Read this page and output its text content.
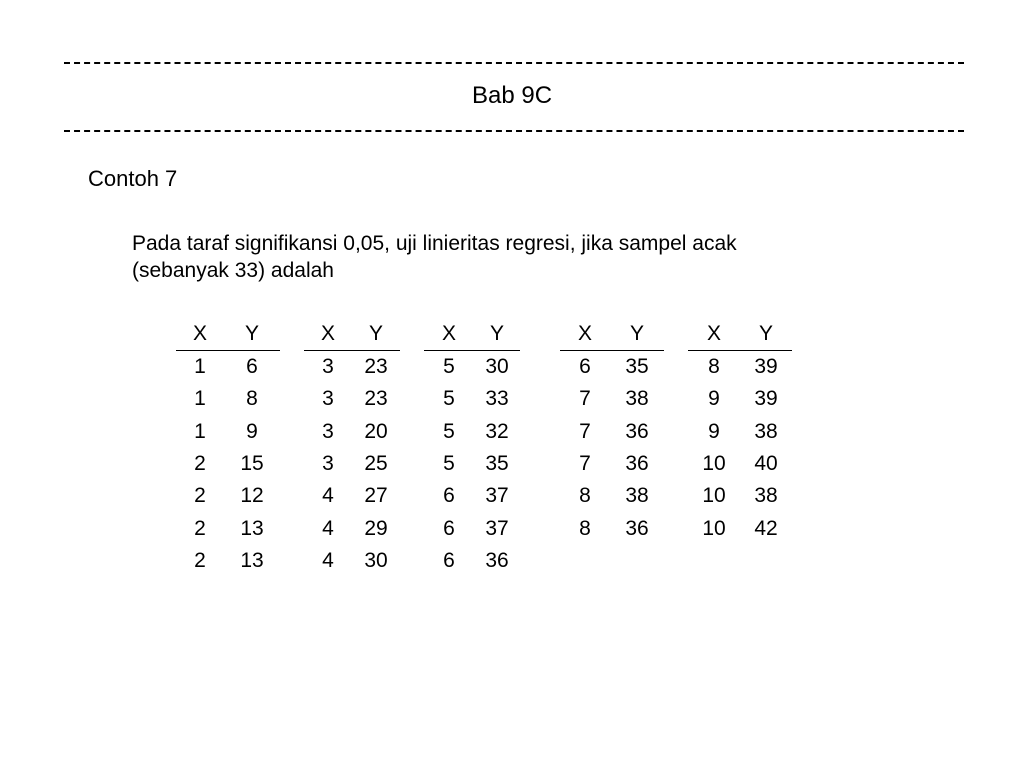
Bab 9C
Contoh 7
Pada taraf signifikansi 0,05, uji linieritas regresi, jika sampel acak
(sebanyak 33) adalah
X	Y
1	6
1	8
1	9
2	15
2	12
2	13
2	13
X	Y
3	23
3	23
3	20
3	25
4	27
4	29
4	30
X	Y
5	30
5	33
5	32
5	35
6	37
6	37
6	36
X	Y
6	35
7	38
7	36
7	36
8	38
8	36
X	Y
8	39
9	39
9	38
10	40
10	38
10	42
